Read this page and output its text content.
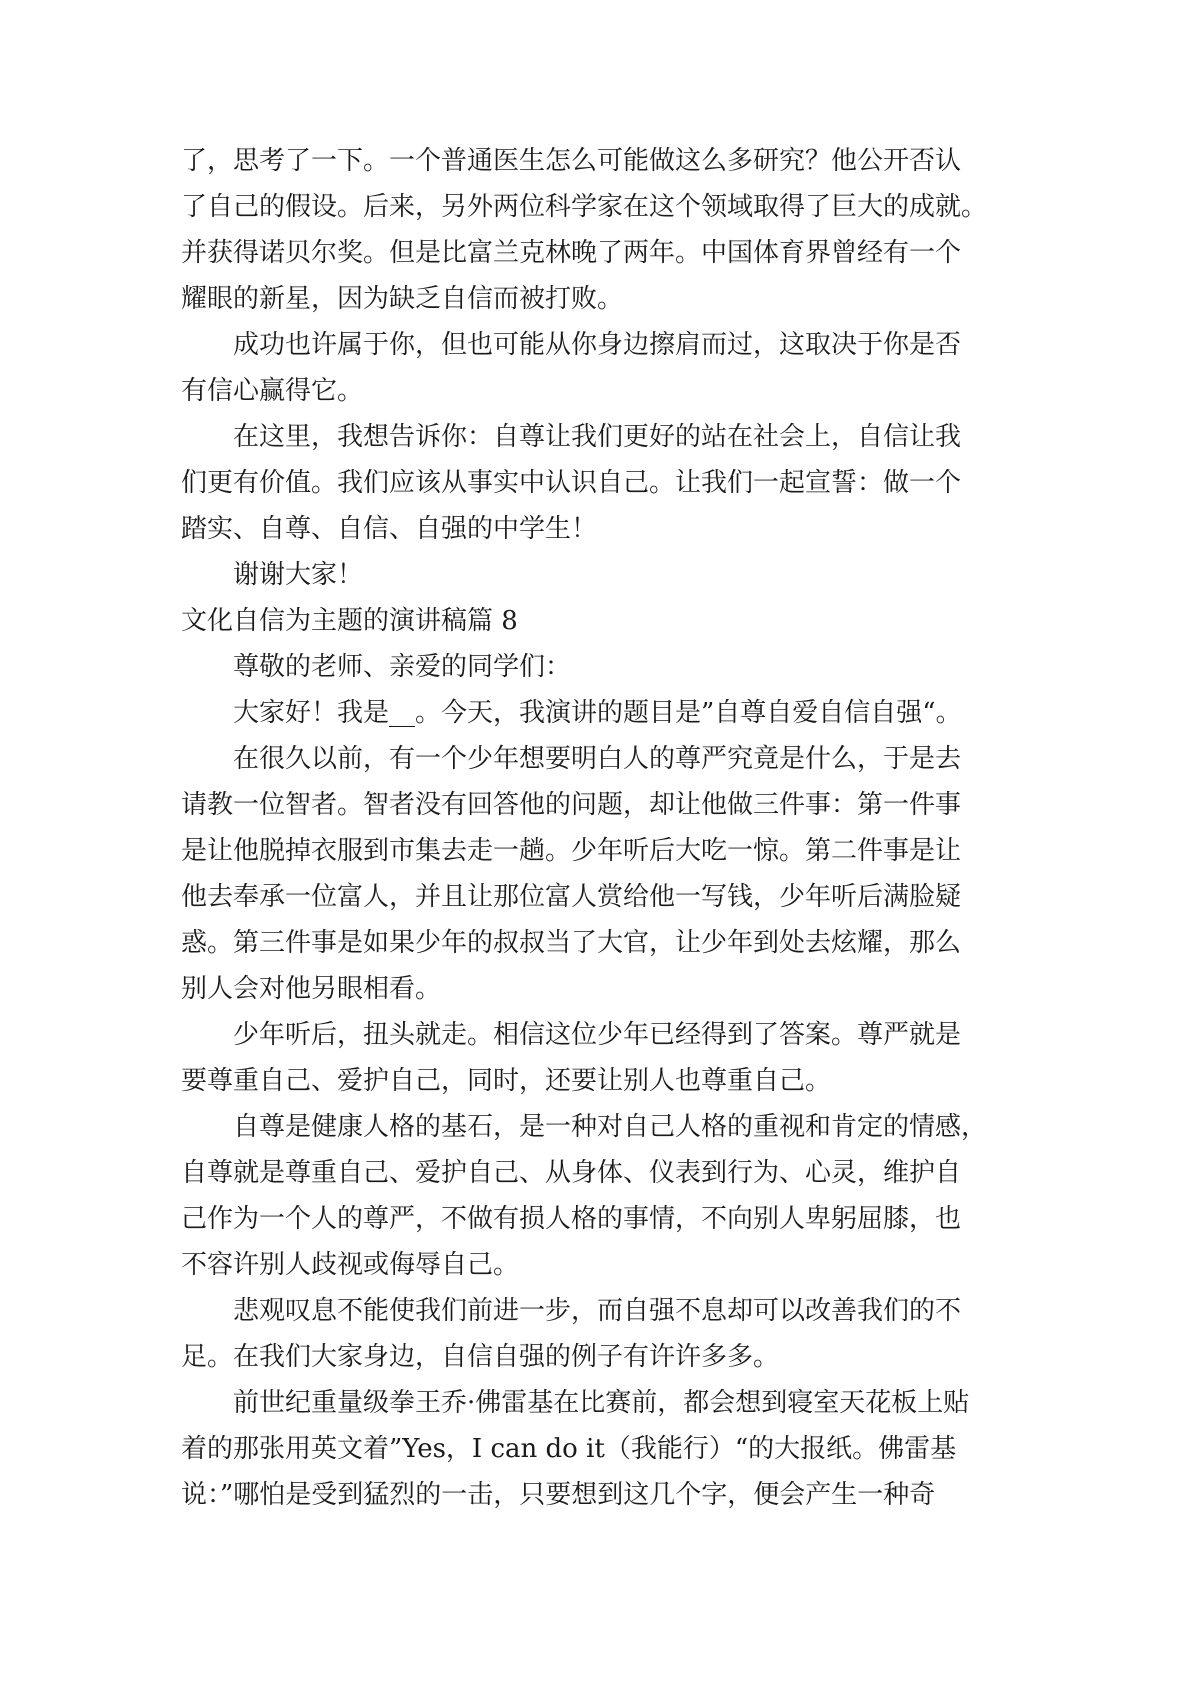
了，思考了一下。一个普通医生怎么可能做这么多研究？他公开否认

了自己的假设。后来，另外两位科学家在这个领域取得了巨大的成就。

并获得诺贝尔奖。但是比富兰克林晚了两年。中国体育界曾经有一个

耀眼的新星，因为缺乏自信而被打败。

成功也许属于你，但也可能从你身边擦肩而过，这取决于你是否

有信心赢得它。

在这里，我想告诉你：自尊让我们更好的站在社会上，自信让我

们更有价值。我们应该从事实中认识自己。让我们一起宣誓：做一个

踏实、自尊、自信、自强的中学生！

谢谢大家！

文化自信为主题的演讲稿篇 8

尊敬的老师、亲爱的同学们：

大家好！我是__。今天，我演讲的题目是”自尊自爱自信自强“。

在很久以前，有一个少年想要明白人的尊严究竟是什么，于是去

请教一位智者。智者没有回答他的问题，却让他做三件事：第一件事

是让他脱掉衣服到市集去走一趟。少年听后大吃一惊。第二件事是让

他去奉承一位富人，并且让那位富人赏给他一写钱，少年听后满脸疑

惑。第三件事是如果少年的叔叔当了大官，让少年到处去炫耀，那么

别人会对他另眼相看。

少年听后，扭头就走。相信这位少年已经得到了答案。尊严就是

要尊重自己、爱护自己，同时，还要让别人也尊重自己。

自尊是健康人格的基石，是一种对自己人格的重视和肯定的情感，

自尊就是尊重自己、爱护自己、从身体、仪表到行为、心灵，维护自

己作为一个人的尊严，不做有损人格的事情，不向别人卑躬屈膝，也

不容许别人歧视或侮辱自己。

悲观叹息不能使我们前进一步，而自强不息却可以改善我们的不

足。在我们大家身边，自信自强的例子有许许多多。

前世纪重量级拳王乔·佛雷基在比赛前，都会想到寝室天花板上贴

着的那张用英文着”Yes，I can do it（我能行）“的大报纸。佛雷基

说：”哪怕是受到猛烈的一击，只要想到这几个字，便会产生一种奇
